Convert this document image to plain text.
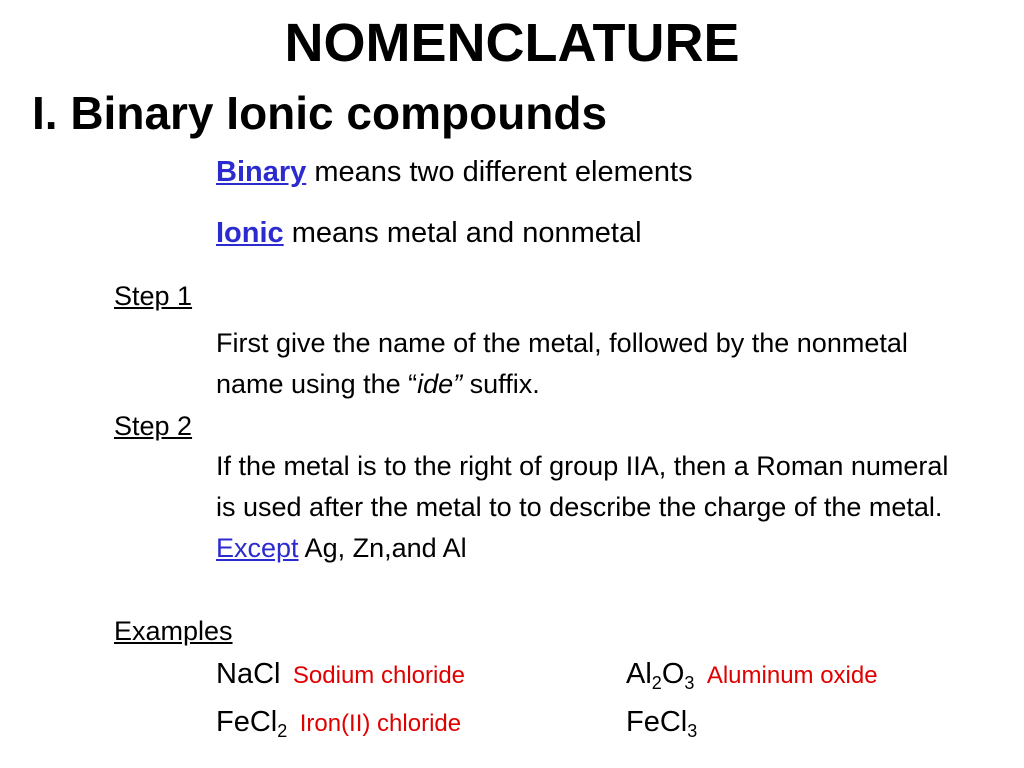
NOMENCLATURE
I. Binary Ionic compounds
Binary means two different elements
Ionic means metal and nonmetal
Step 1
First give the name of the metal, followed by the nonmetal name using the “ide” suffix.
Step 2
If the metal is to the right of group IIA, then a Roman numeral is used after the metal to to describe the charge of the metal. Except Ag, Zn,and Al
Examples
NaCl Sodium chloride	$Al_2O_3$ Aluminum oxide
FeCl$_2$ Iron(II) chloride	FeCl$_3$
